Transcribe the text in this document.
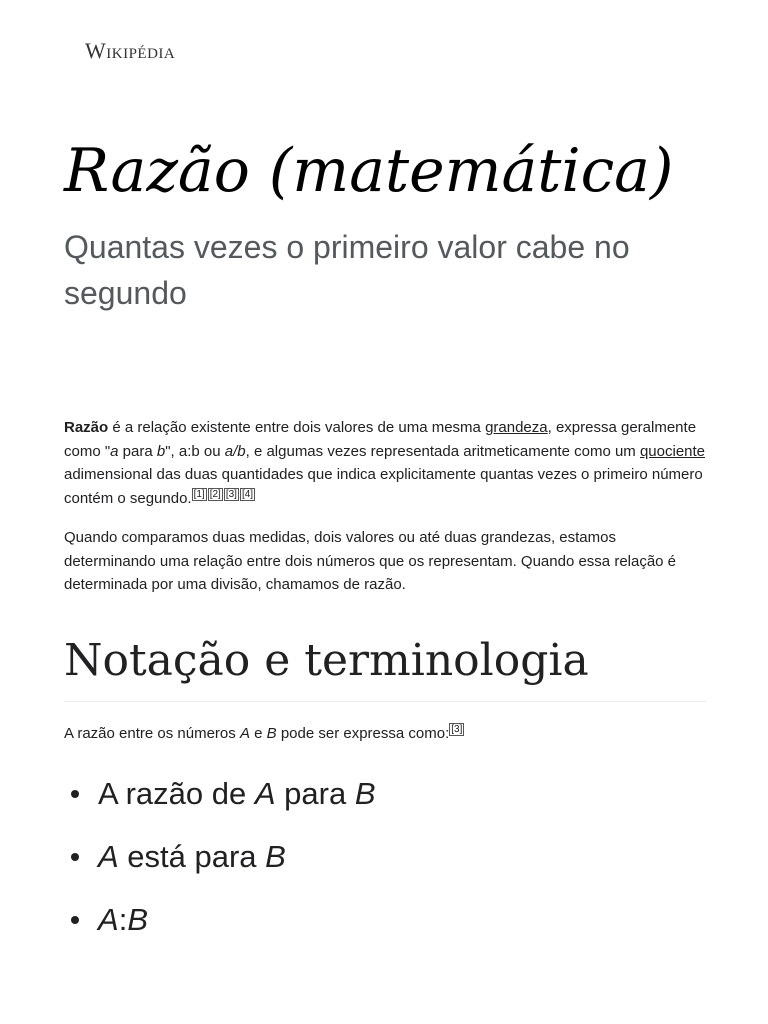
Wikipédia
Razão (matemática)
Quantas vezes o primeiro valor cabe no segundo

Razão é a relação existente entre dois valores de uma mesma grandeza, expressa geralmente como "a para b", a:b ou a/b, e algumas vezes representada aritmeticamente como um quociente adimensional das duas quantidades que indica explicitamente quantas vezes o primeiro número contém o segundo. [1] [2] [3] [4]

Quando comparamos duas medidas, dois valores ou até duas grandezas, estamos determinando uma relação entre dois números que os representam. Quando essa relação é determinada por uma divisão, chamamos de razão.

Notação e terminologia

A razão entre os números A e B pode ser expressa como: [3]

A razão de A para B
A está para B
A:B
